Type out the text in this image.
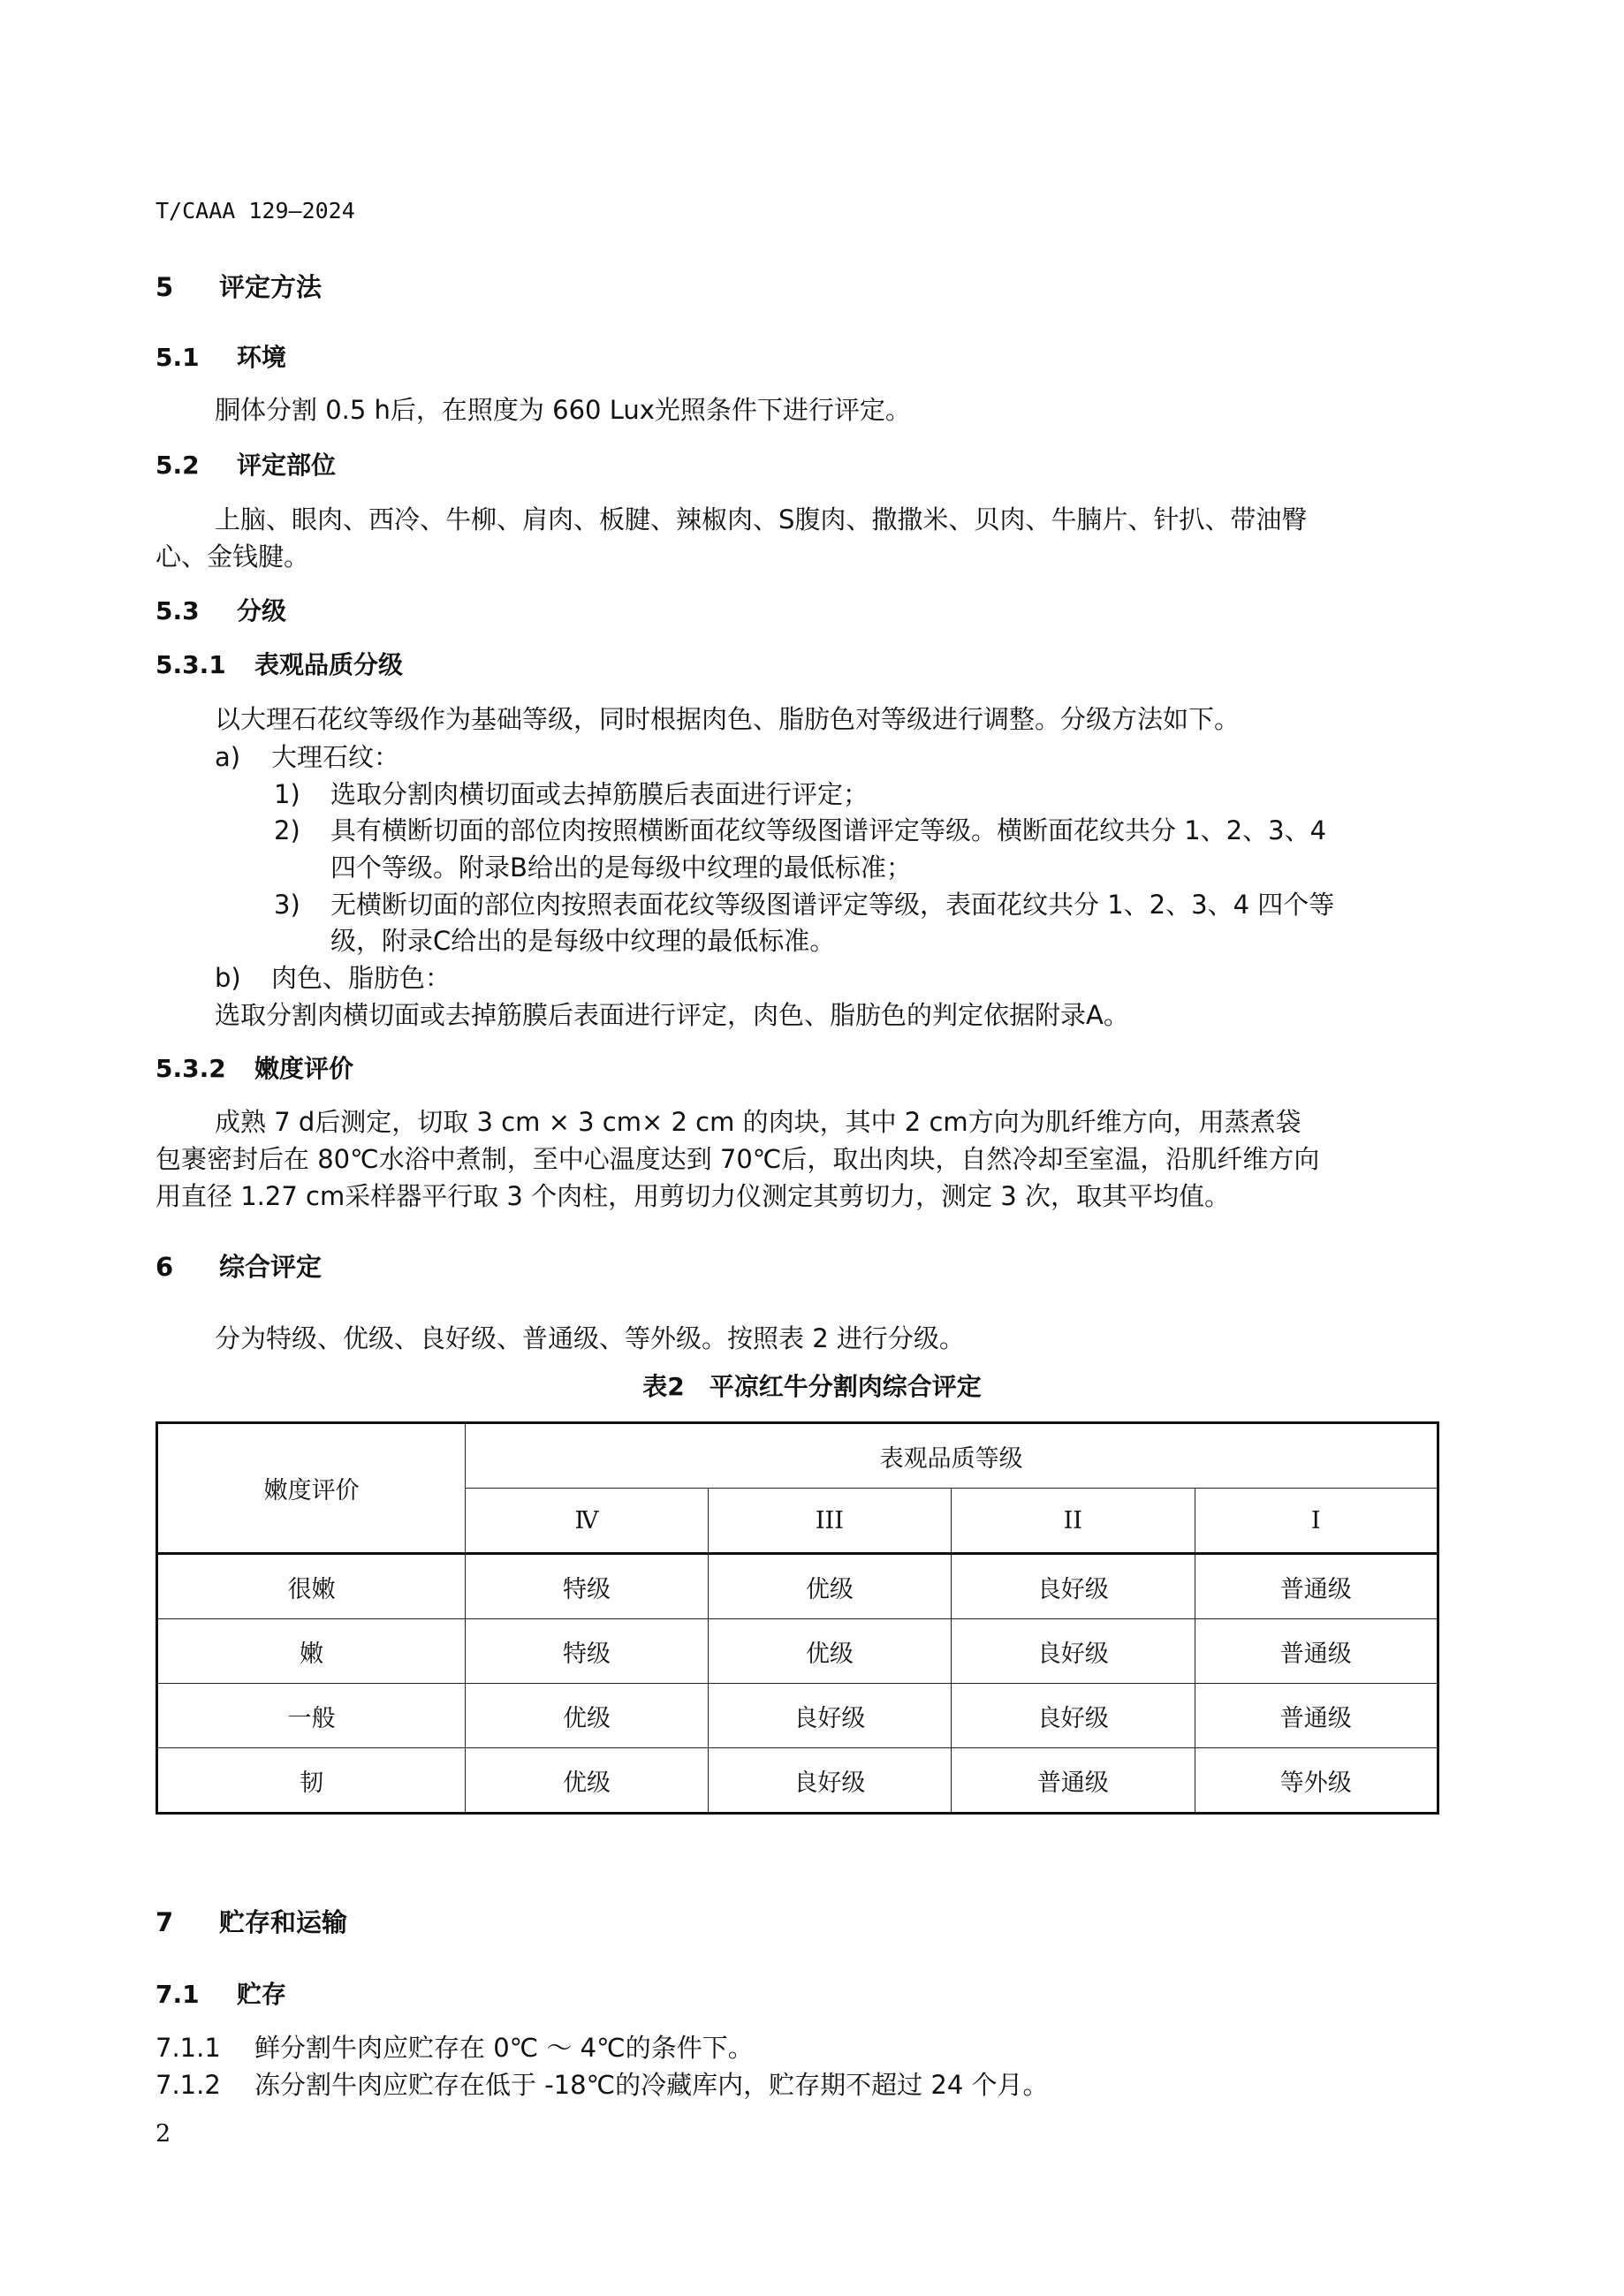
T/CAAA 129—2024
5 评定方法
5.1 环境
胴体分割 0.5 h后，在照度为 660 Lux光照条件下进行评定。
5.2 评定部位
上脑、眼肉、西冷、牛柳、肩肉、板腱、辣椒肉、S腹肉、撒撒米、贝肉、牛腩片、针扒、带油臀
心、金钱腱。
5.3 分级
5.3.1 表观品质分级
以大理石花纹等级作为基础等级，同时根据肉色、脂肪色对等级进行调整。分级方法如下。
a) 大理石纹：
1) 选取分割肉横切面或去掉筋膜后表面进行评定；
2) 具有横断切面的部位肉按照横断面花纹等级图谱评定等级。横断面花纹共分 1、2、3、4
四个等级。附录B给出的是每级中纹理的最低标准；
3) 无横断切面的部位肉按照表面花纹等级图谱评定等级，表面花纹共分 1、2、3、4 四个等
级，附录C给出的是每级中纹理的最低标准。
b) 肉色、脂肪色：
选取分割肉横切面或去掉筋膜后表面进行评定，肉色、脂肪色的判定依据附录A。
5.3.2 嫩度评价
成熟 7 d后测定，切取 3 cm × 3 cm× 2 cm 的肉块，其中 2 cm方向为肌纤维方向，用蒸煮袋
包裹密封后在 80℃水浴中煮制，至中心温度达到 70℃后，取出肉块，自然冷却至室温，沿肌纤维方向
用直径 1.27 cm采样器平行取 3 个肉柱，用剪切力仪测定其剪切力，测定 3 次，取其平均值。
6 综合评定
分为特级、优级、良好级、普通级、等外级。按照表 2 进行分级。
表2　平凉红牛分割肉综合评定
嫩度评价	表观品质等级			
	Ⅳ	III	II	I
很嫩	特级	优级	良好级	普通级
嫩	特级	优级	良好级	普通级
一般	优级	良好级	良好级	普通级
韧	优级	良好级	普通级	等外级
7 贮存和运输
7.1 贮存
7.1.1 鲜分割牛肉应贮存在 0℃ ～ 4℃的条件下。
7.1.2 冻分割牛肉应贮存在低于 -18℃的冷藏库内，贮存期不超过 24 个月。
2
